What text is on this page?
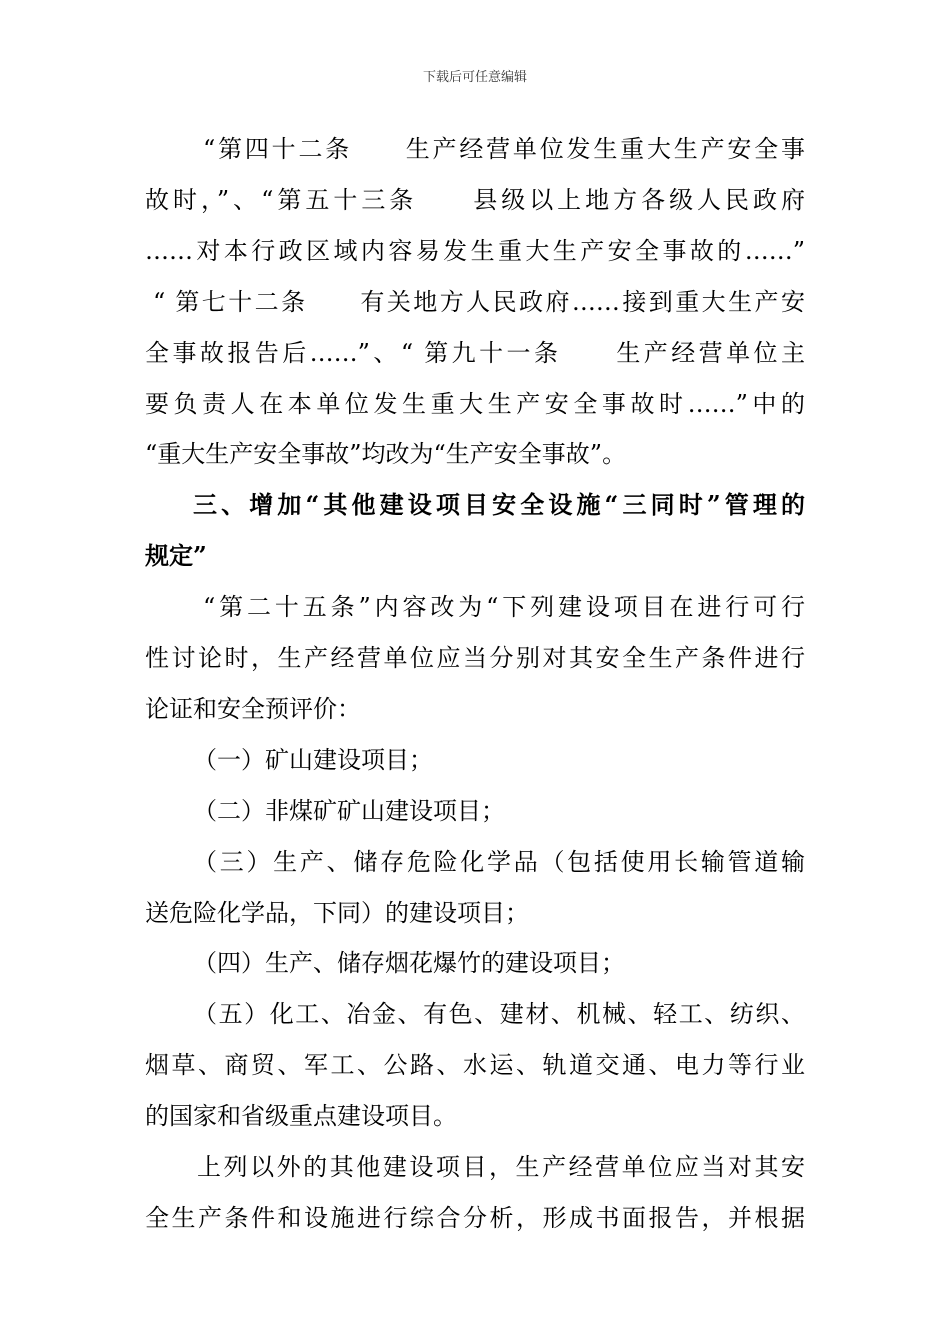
下载后可任意编辑
“第四十二条　　生产经营单位发生重大生产安全事
故时，”、“第五十三条　　县级以上地方各级人民政府
……对本行政区域内容易发生重大生产安全事故的……”
“ 第七十二条　　有关地方人民政府……接到重大生产安
全事故报告后……”、“ 第九十一条　　生产经营单位主
要负责人在本单位发生重大生产安全事故时……”中的
“重大生产安全事故”均改为“生产安全事故”。
三、增加“其他建设项目安全设施“三同时”管理的
规定”
“第二十五条”内容改为“下列建设项目在进行可行
性讨论时，生产经营单位应当分别对其安全生产条件进行
论证和安全预评价：
（一）矿山建设项目；
（二）非煤矿矿山建设项目；
（三）生产、储存危险化学品（包括使用长输管道输
送危险化学品，下同）的建设项目；
（四）生产、储存烟花爆竹的建设项目；
（五）化工、冶金、有色、建材、机械、轻工、纺织、
烟草、商贸、军工、公路、水运、轨道交通、电力等行业
的国家和省级重点建设项目。
上列以外的其他建设项目，生产经营单位应当对其安
全生产条件和设施进行综合分析，形成书面报告，并根据
